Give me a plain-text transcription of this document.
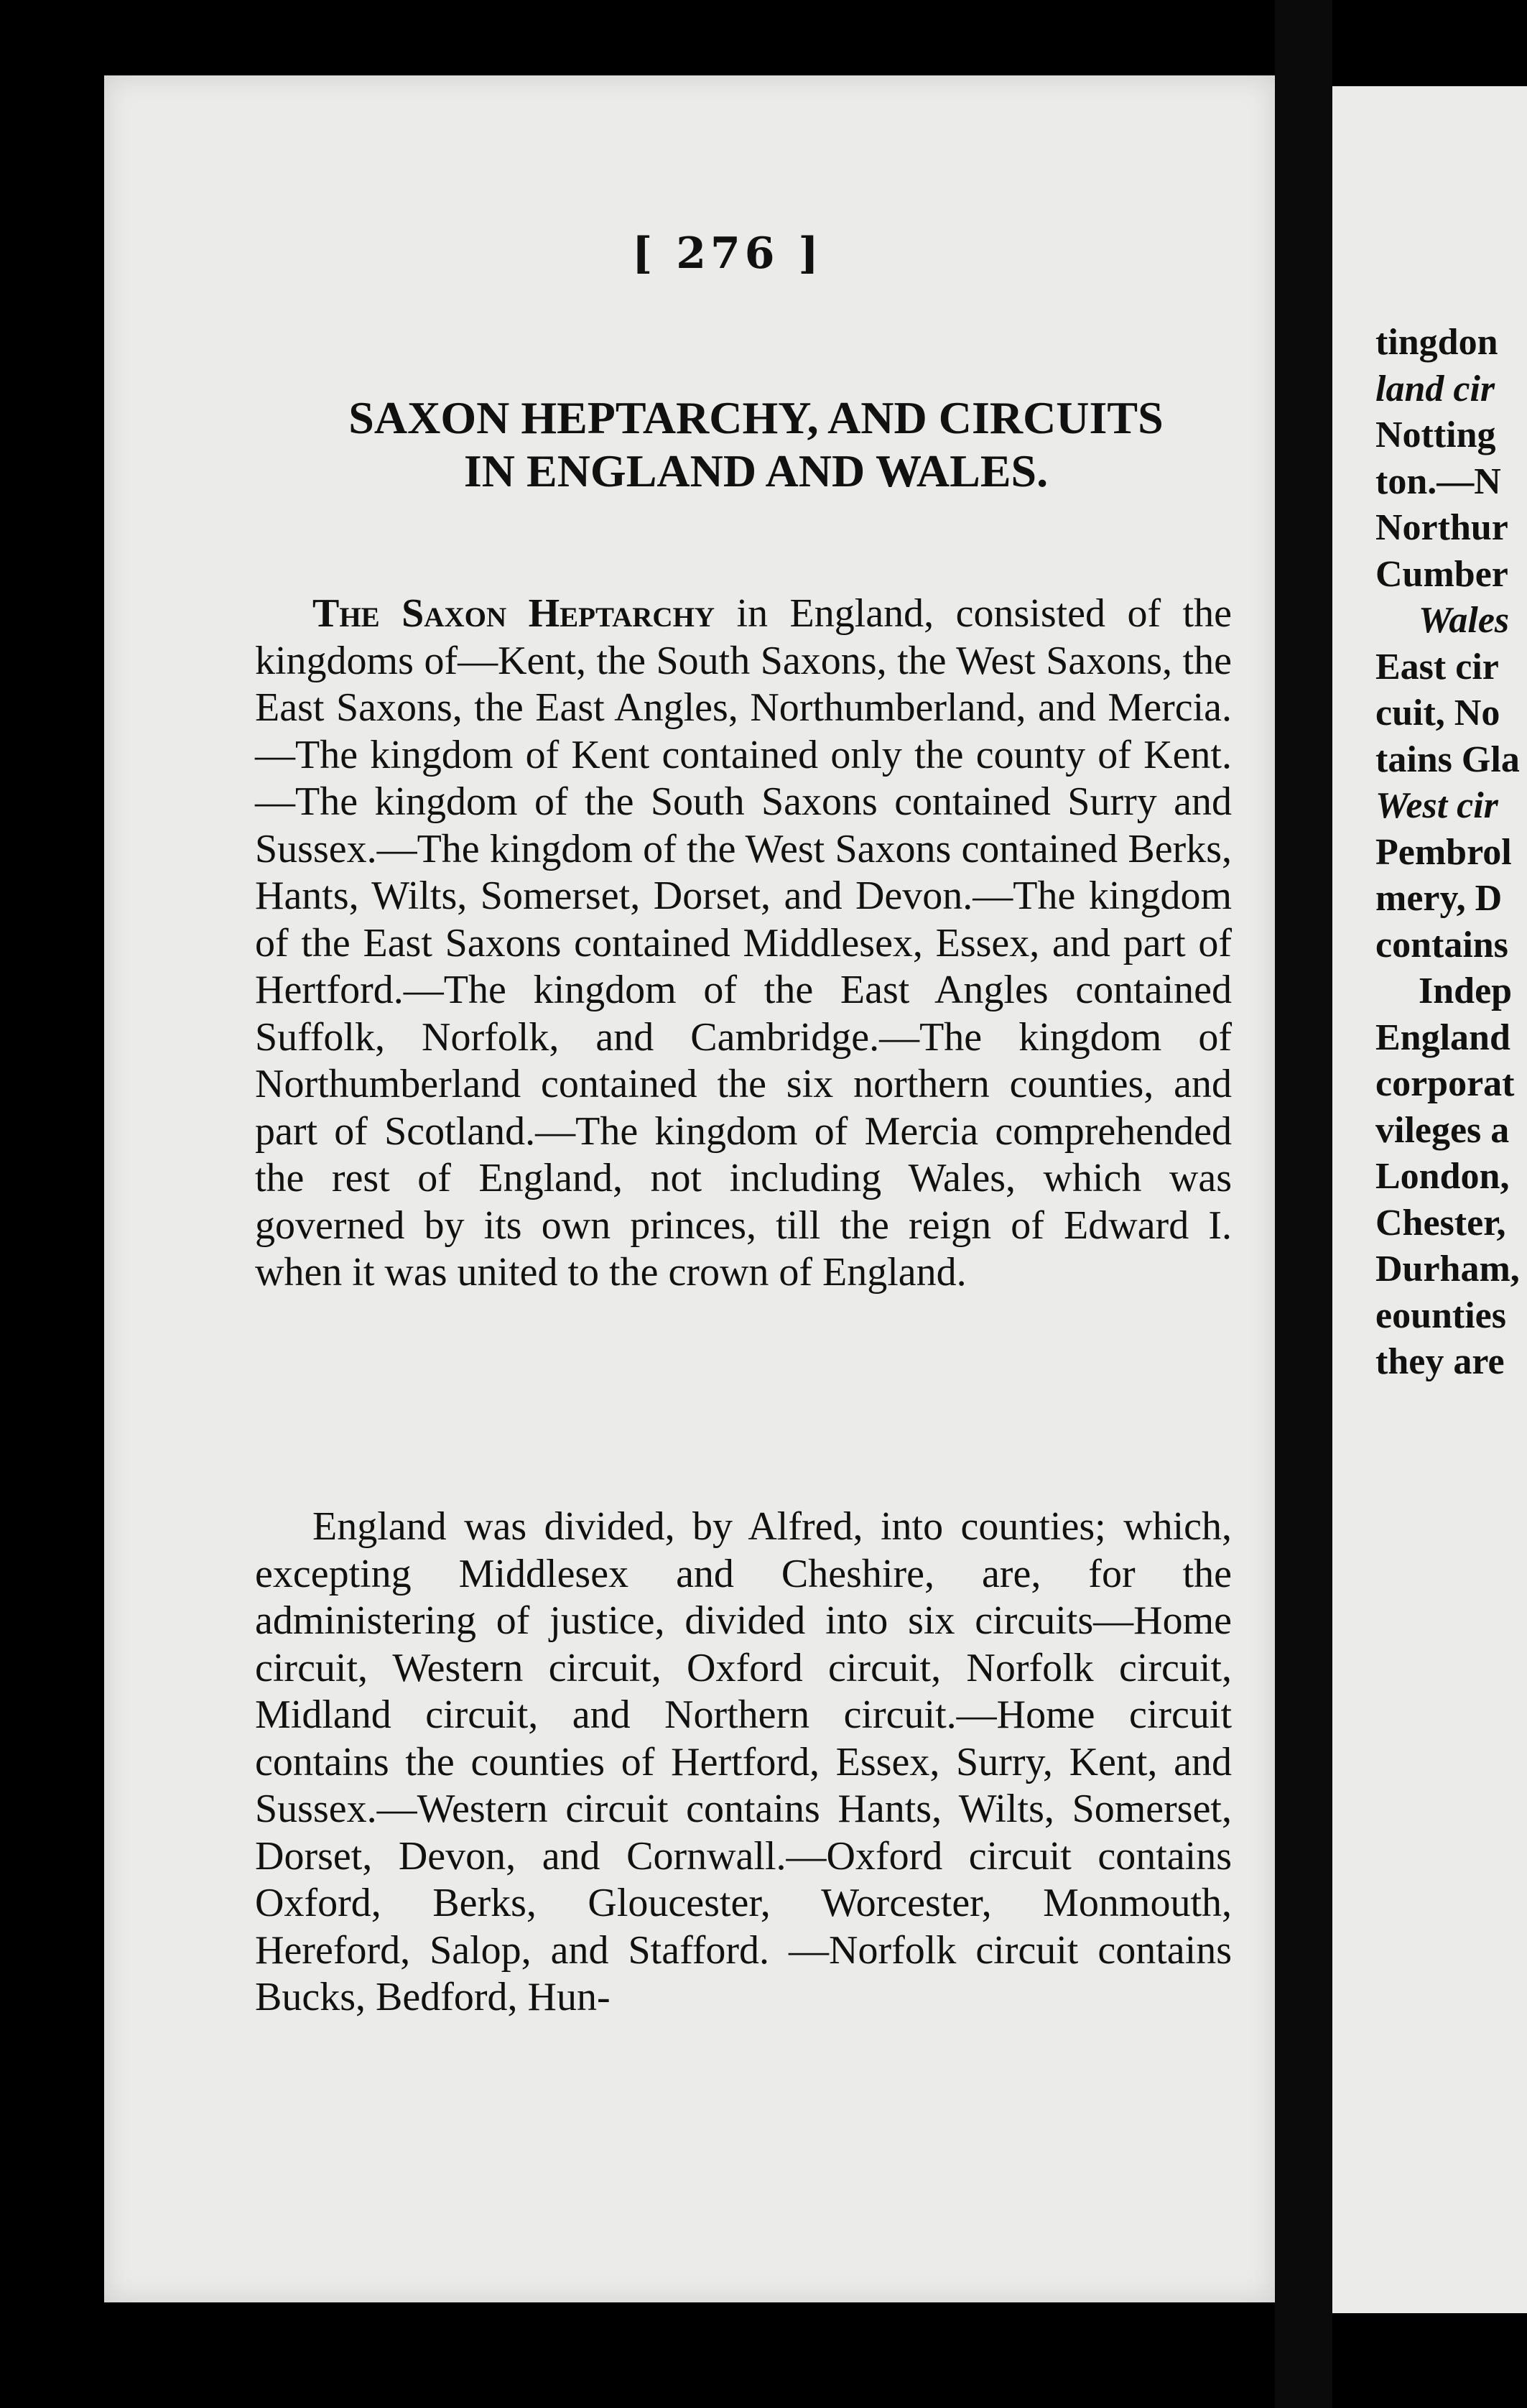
[ 276 ]
SAXON HEPTARCHY, AND CIRCUITS
IN ENGLAND AND WALES.
The Saxon Heptarchy in England, consisted of the kingdoms of—Kent, the South Saxons, the West Saxons, the East Saxons, the East Angles, Northumberland, and Mercia.—The kingdom of Kent contained only the county of Kent. —The kingdom of the South Saxons contained Surry and Sussex.—The kingdom of the West Saxons contained Berks, Hants, Wilts, Somerset, Dorset, and Devon.—The kingdom of the East Saxons contained Middlesex, Essex, and part of Hertford.—The kingdom of the East Angles contained Suffolk, Norfolk, and Cambridge.—The kingdom of Northumberland contained the six northern counties, and part of Scotland.—The kingdom of Mercia comprehended the rest of England, not including Wales, which was governed by its own princes, till the reign of Edward I. when it was united to the crown of England.
England was divided, by Alfred, into counties; which, excepting Middlesex and Cheshire, are, for the administering of justice, divided into six circuits—Home circuit, Western circuit, Oxford circuit, Norfolk circuit, Midland circuit, and Northern circuit.—Home circuit contains the counties of Hertford, Essex, Surry, Kent, and Sussex.—Western circuit contains Hants, Wilts, Somerset, Dorset, Devon, and Cornwall.—Oxford circuit contains Oxford, Berks, Gloucester, Worcester, Monmouth, Hereford, Salop, and Stafford. —Norfolk circuit contains Bucks, Bedford, Hun-
tingdon
land cir
Notting
ton.—N
Northur
Cumber
Wales
East cir
cuit, No
tains Gla
West cir
Pembrol
mery, D
contains
Indep
England
corporat
vileges a
London,
Chester,
Durham,
eounties
they are
